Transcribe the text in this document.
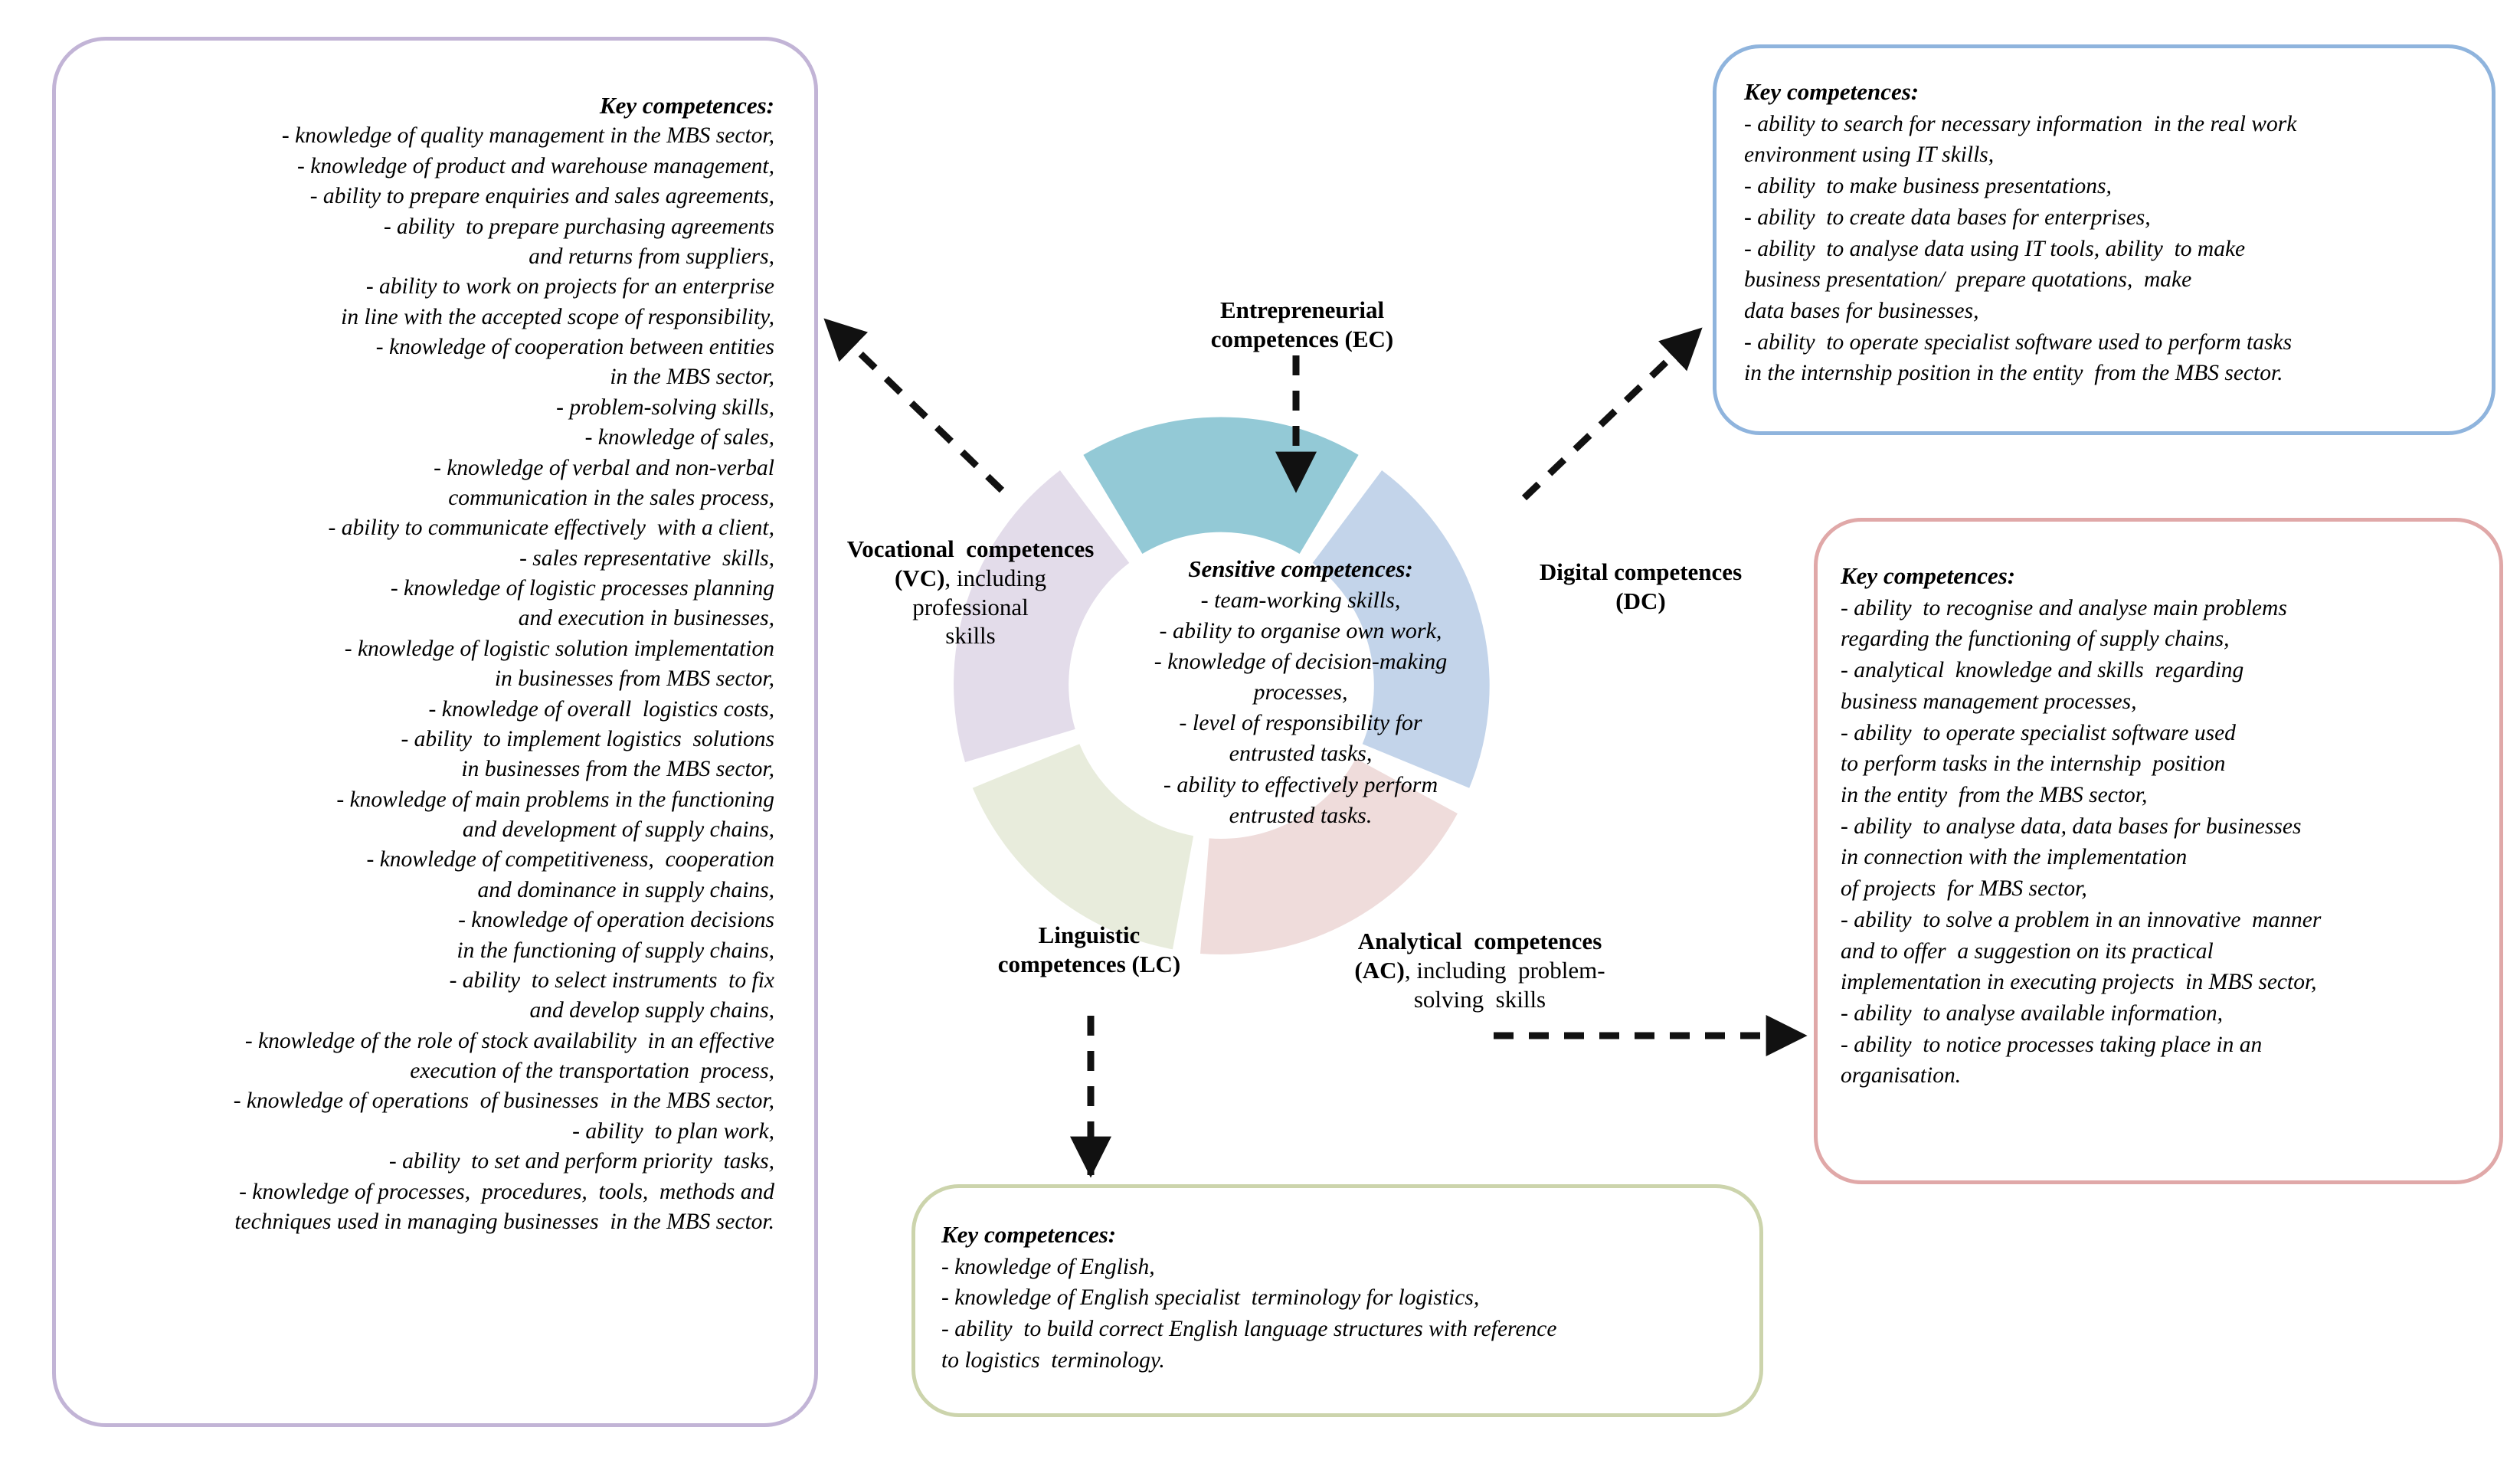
Key competences:
- knowledge of quality management in the MBS sector,
- knowledge of product and warehouse management,
- ability to prepare enquiries and sales agreements,
- ability  to prepare purchasing agreements
and returns from suppliers,
- ability to work on projects for an enterprise
in line with the accepted scope of responsibility,
- knowledge of cooperation between entities
in the MBS sector,
- problem-solving skills,
- knowledge of sales,
- knowledge of verbal and non-verbal
communication in the sales process,
- ability to communicate effectively  with a client,
- sales representative  skills,
- knowledge of logistic processes planning
and execution in businesses,
- knowledge of logistic solution implementation
in businesses from MBS sector,
- knowledge of overall  logistics costs,
- ability  to implement logistics  solutions
in businesses from the MBS sector,
- knowledge of main problems in the functioning
and development of supply chains,
- knowledge of competitiveness,  cooperation
and dominance in supply chains,
- knowledge of operation decisions
in the functioning of supply chains,
- ability  to select instruments  to fix
and develop supply chains,
- knowledge of the role of stock availability  in an effective
execution of the transportation  process,
- knowledge of operations  of businesses  in the MBS sector,
- ability  to plan work,
- ability  to set and perform priority  tasks,
- knowledge of processes,  procedures,  tools,  methods and
techniques used in managing businesses  in the MBS sector.
Key competences:
- ability to search for necessary information  in the real work
environment using IT skills,
- ability  to make business presentations,
- ability  to create data bases for enterprises,
- ability  to analyse data using IT tools, ability  to make
business presentation/  prepare quotations,  make
data bases for businesses,
- ability  to operate specialist software used to perform tasks
in the internship position in the entity  from the MBS sector.
Key competences:
- ability  to recognise and analyse main problems
regarding the functioning of supply chains,
- analytical  knowledge and skills  regarding
business management processes,
- ability  to operate specialist software used
to perform tasks in the internship  position
in the entity  from the MBS sector,
- ability  to analyse data, data bases for businesses
in connection with the implementation
of projects  for MBS sector,
- ability  to solve a problem in an innovative  manner
and to offer  a suggestion on its practical
implementation in executing projects  in MBS sector,
- ability  to analyse available information,
- ability  to notice processes taking place in an
organisation.
Key competences:
- knowledge of English,
- knowledge of English specialist  terminology for logistics,
- ability  to build correct English language structures with reference
to logistics  terminology.
Entrepreneurial
competences (EC)
Vocational  competences
(VC), including
professional
skills
Digital competences
(DC)
Linguistic
competences (LC)
Analytical  competences
(AC), including  problem-
solving  skills
Sensitive competences:
- team-working skills,
- ability to organise own work,
- knowledge of decision-making
processes,
- level of responsibility for
entrusted tasks,
- ability to effectively perform
entrusted tasks.
